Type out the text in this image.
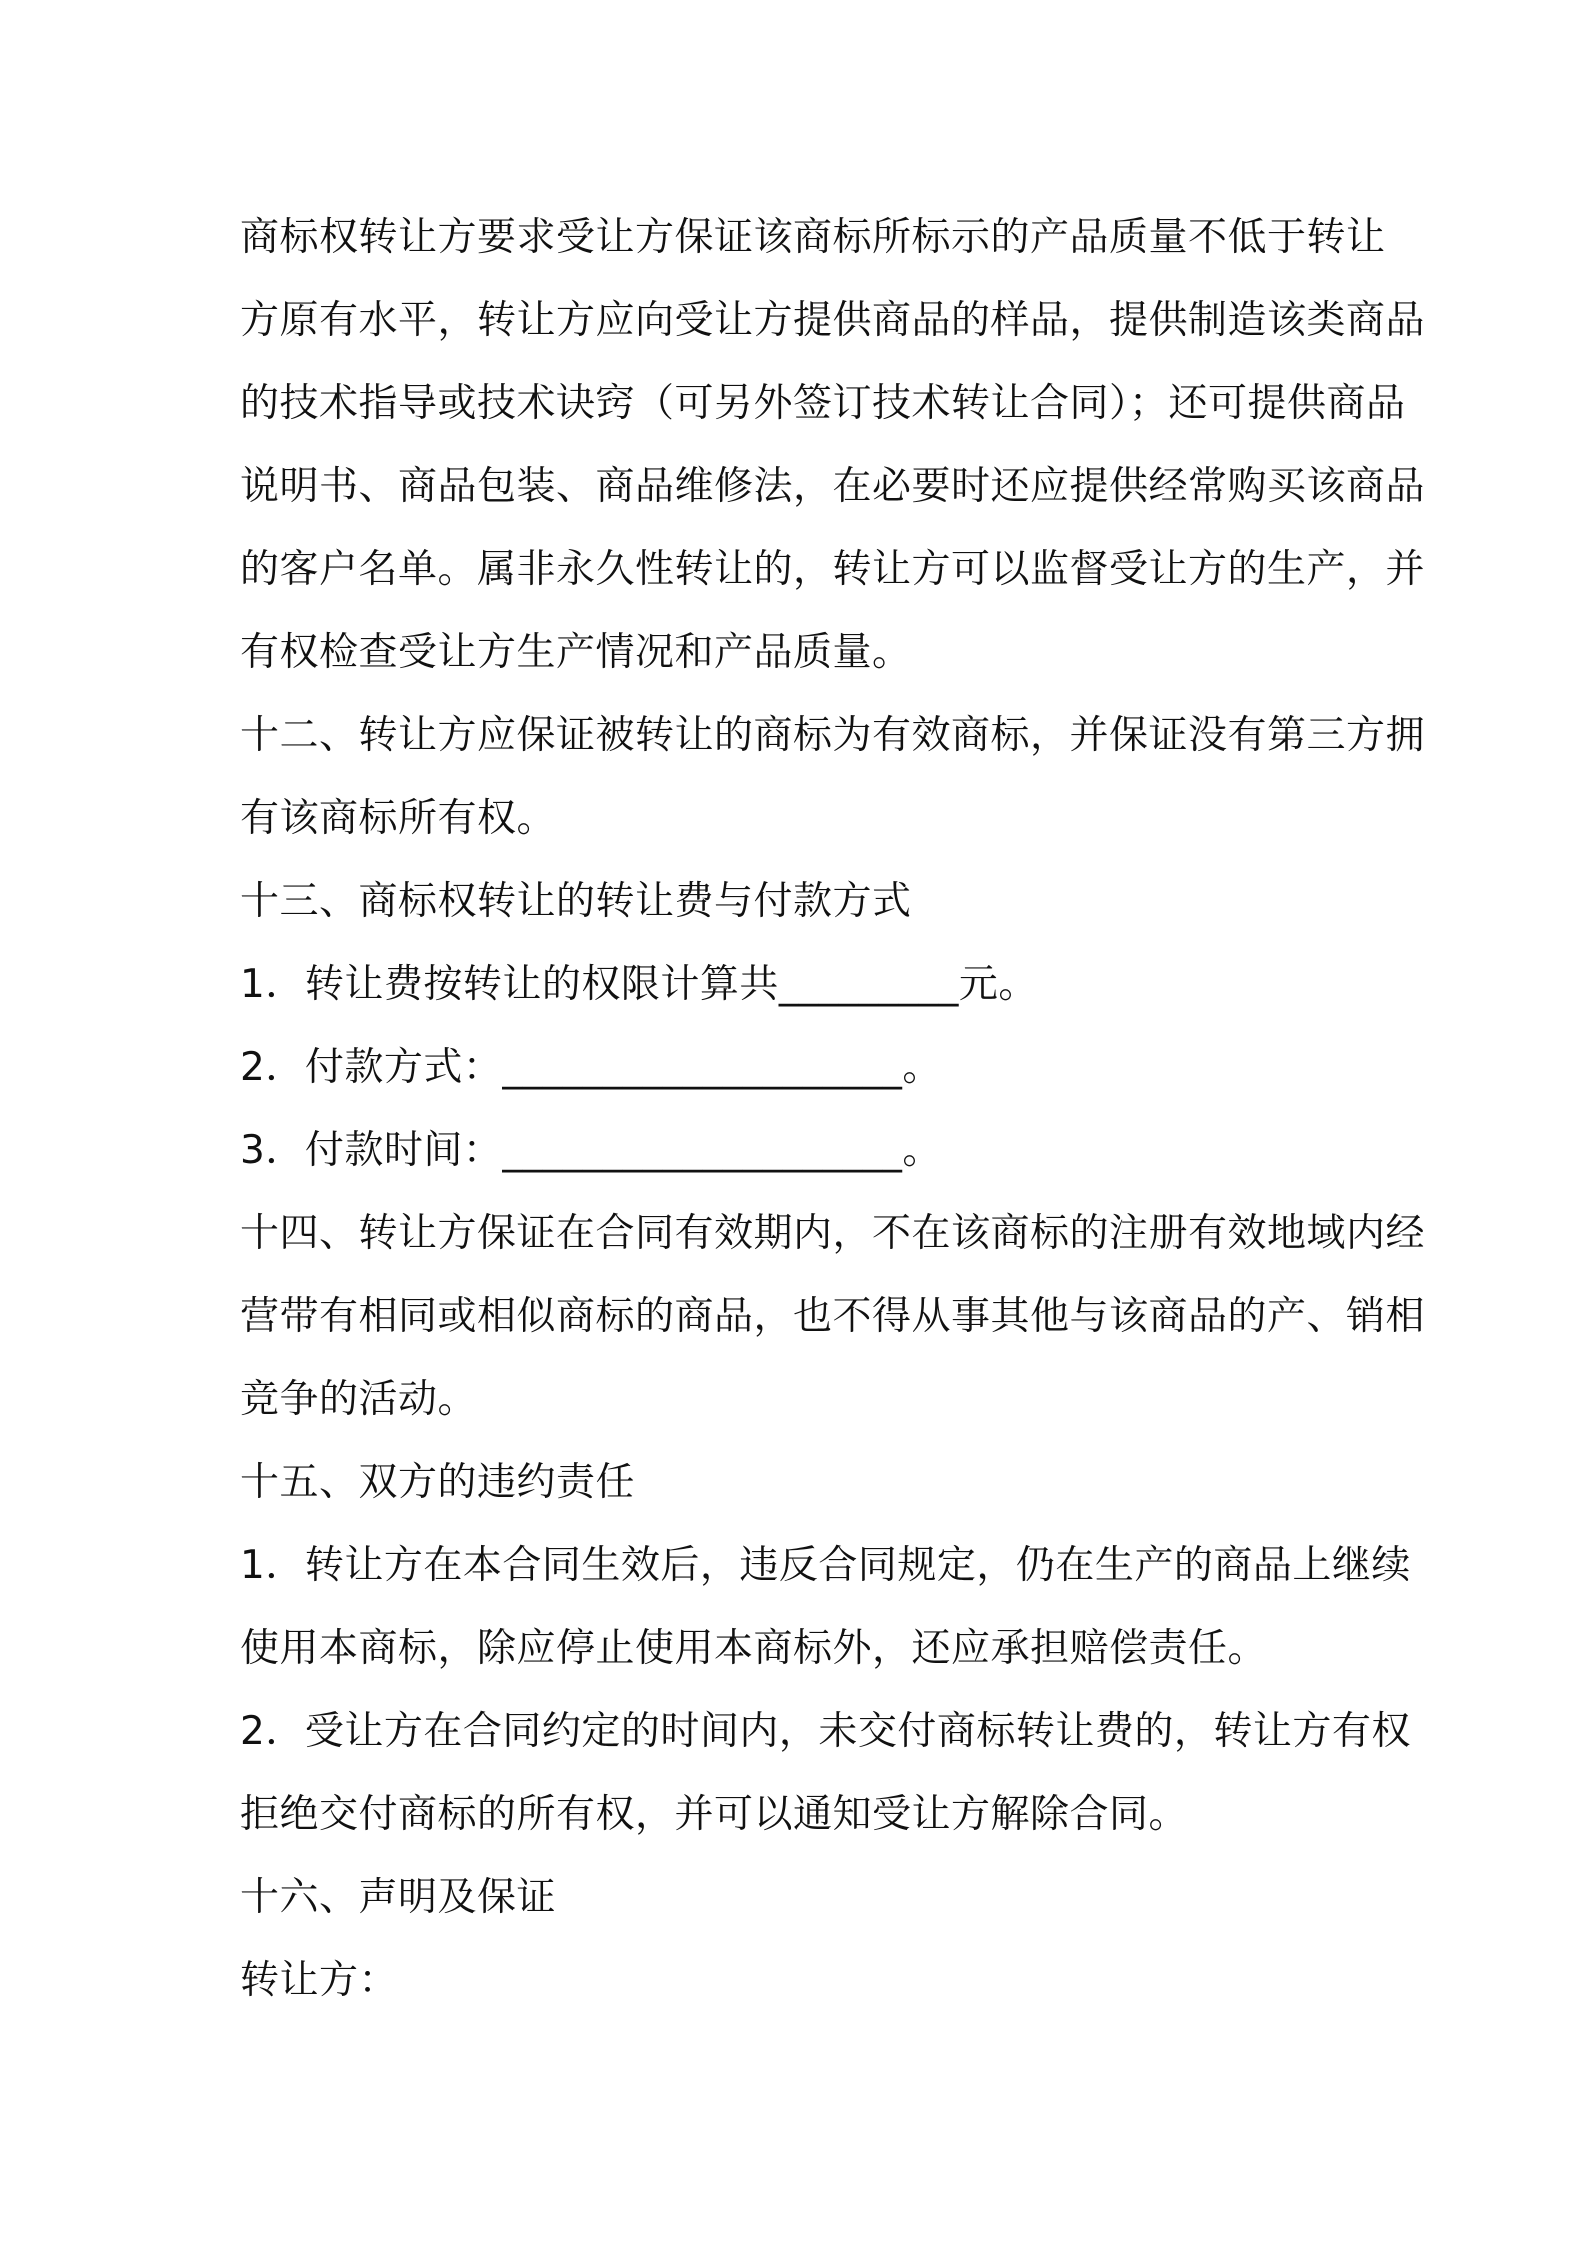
商标权转让方要求受让方保证该商标所标示的产品质量不低于转让
方原有水平，转让方应向受让方提供商品的样品，提供制造该类商品
的技术指导或技术诀窍（可另外签订技术转让合同）；还可提供商品
说明书、商品包装、商品维修法，在必要时还应提供经常购买该商品
的客户名单。属非永久性转让的，转让方可以监督受让方的生产，并
有权检查受让方生产情况和产品质量。
十二、转让方应保证被转让的商标为有效商标，并保证没有第三方拥
有该商标所有权。
十三、商标权转让的转让费与付款方式
1．转让费按转让的权限计算共_________元。
2．付款方式：____________________。
3．付款时间：____________________。
十四、转让方保证在合同有效期内，不在该商标的注册有效地域内经
营带有相同或相似商标的商品，也不得从事其他与该商品的产、销相
竞争的活动。
十五、双方的违约责任
1．转让方在本合同生效后，违反合同规定，仍在生产的商品上继续
使用本商标，除应停止使用本商标外，还应承担赔偿责任。
2．受让方在合同约定的时间内，未交付商标转让费的，转让方有权
拒绝交付商标的所有权，并可以通知受让方解除合同。
十六、声明及保证
转让方：
